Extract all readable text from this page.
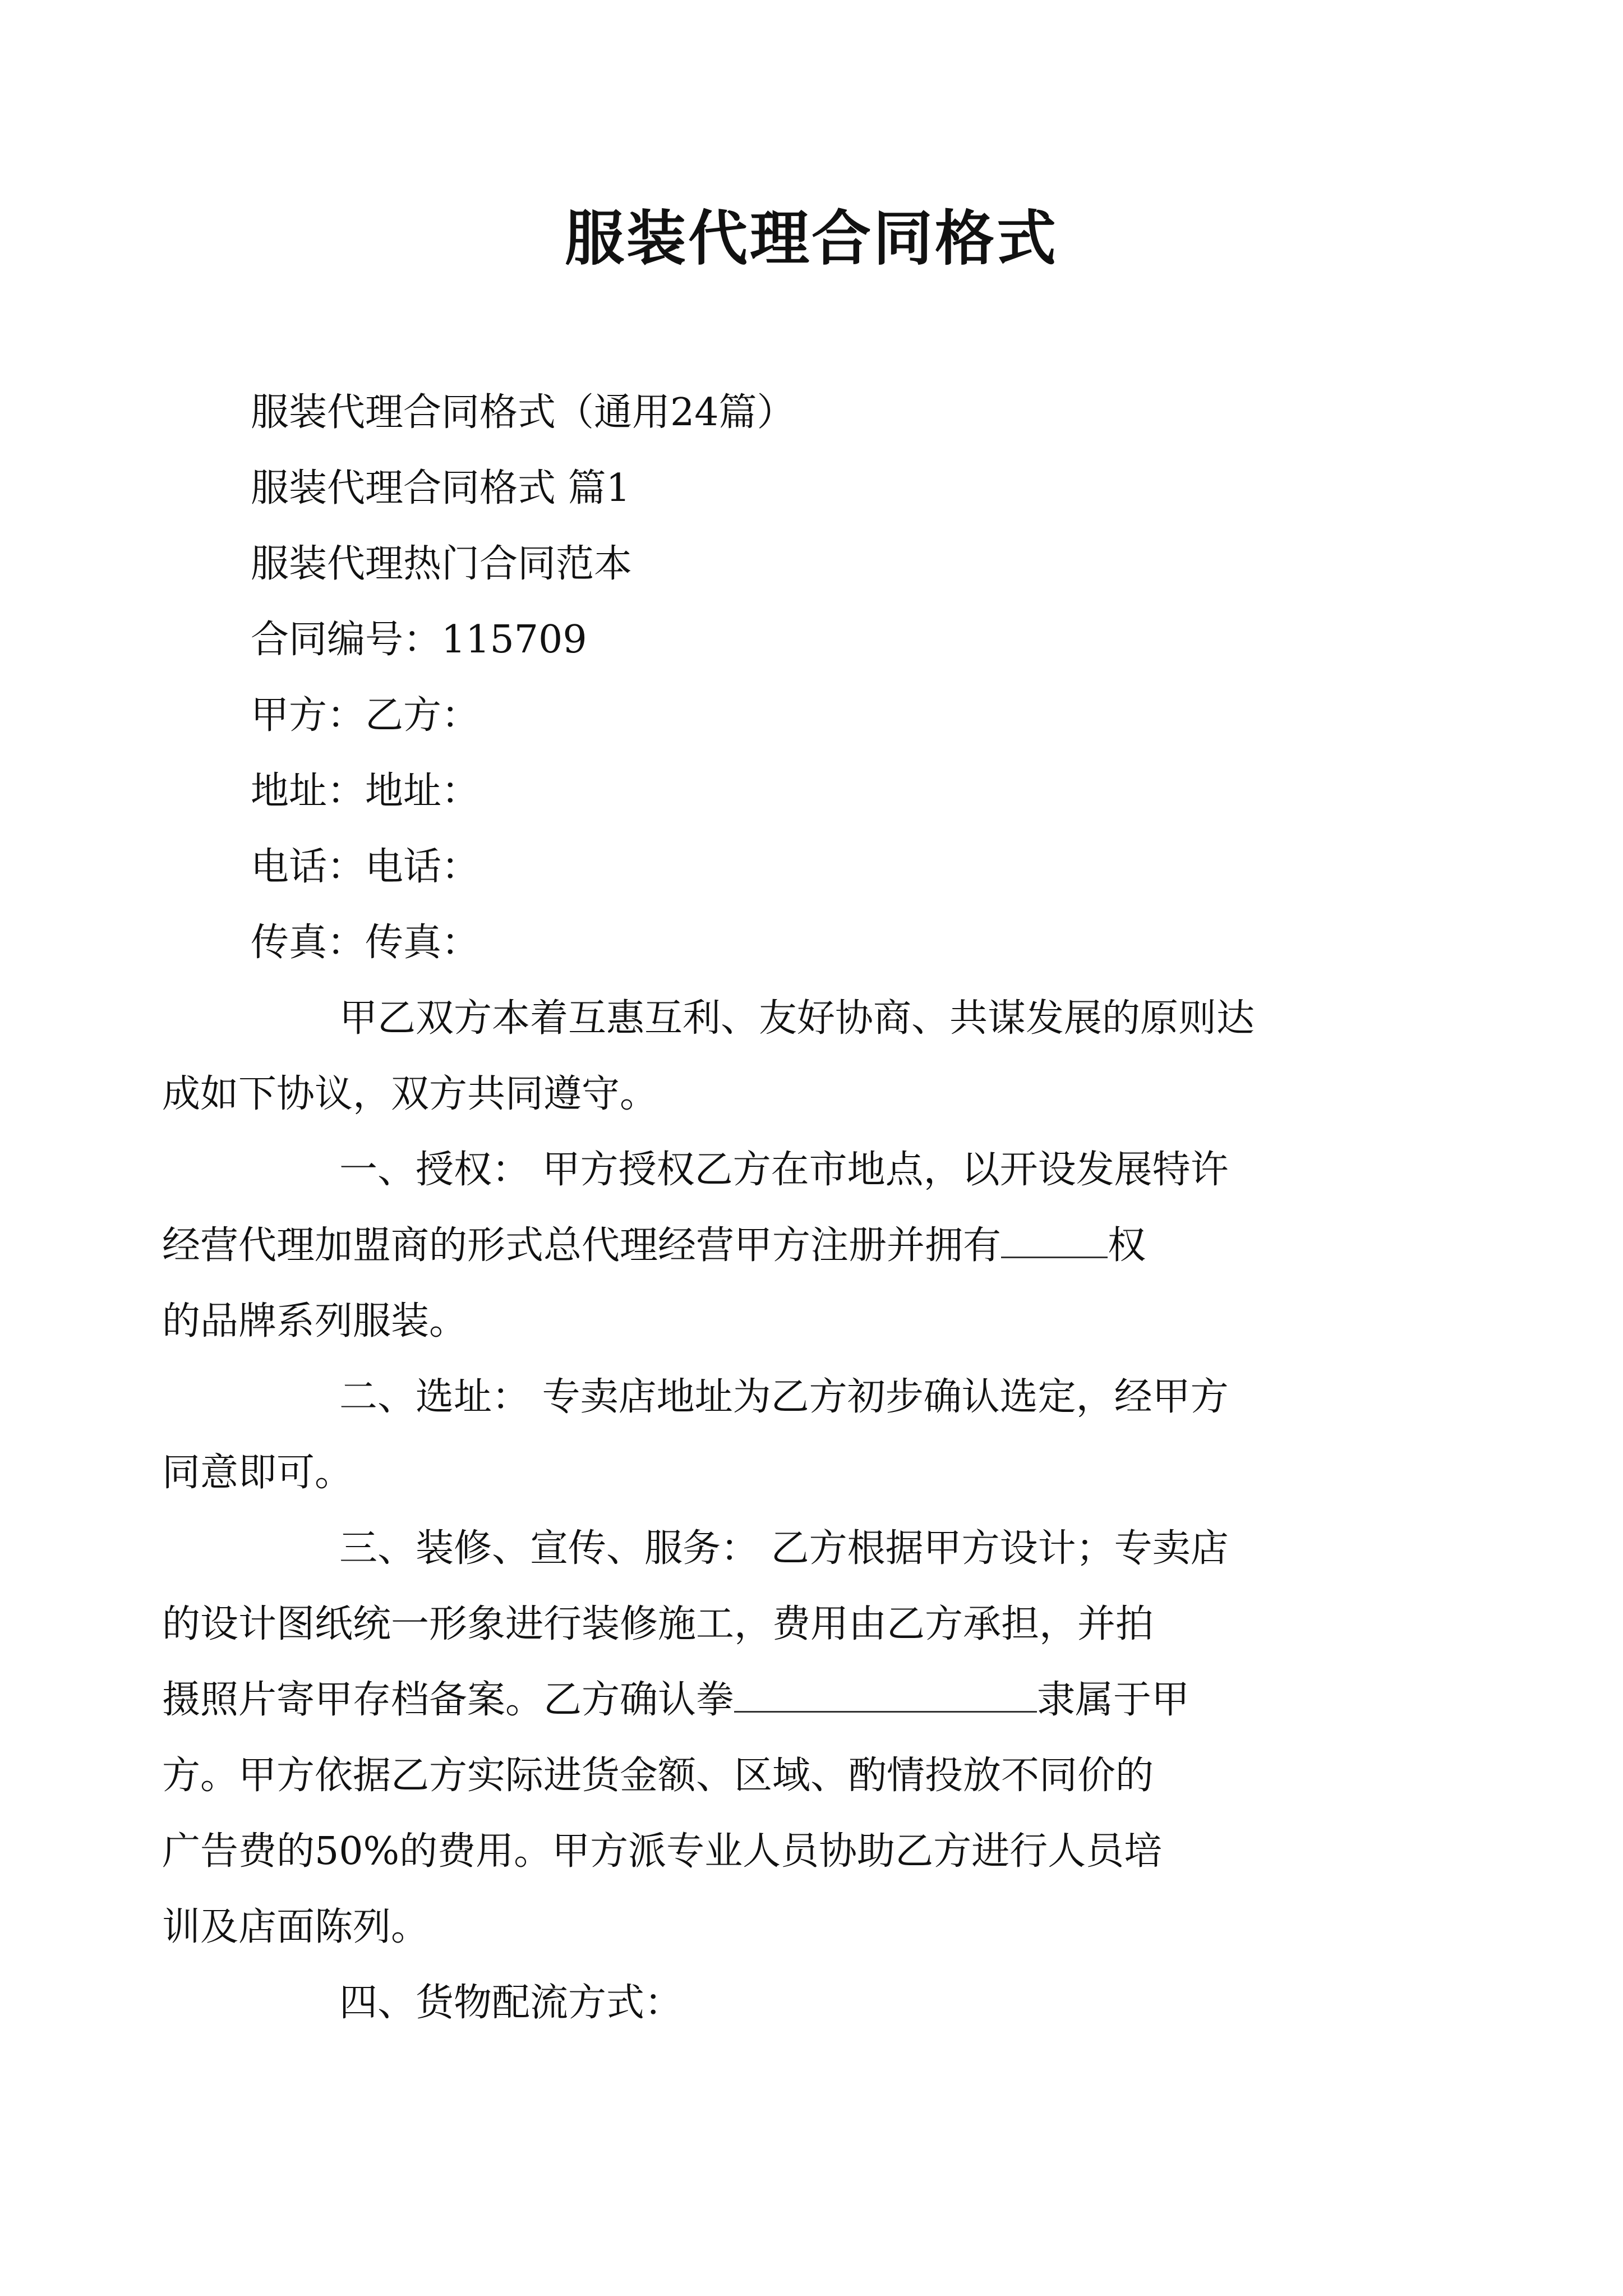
服装代理合同格式

服装代理合同格式（通用24篇）

服装代理合同格式 篇1

服装代理热门合同范本

合同编号：115709

甲方：乙方：

地址：地址：

电话：电话：

传真：传真：

甲乙双方本着互惠互利、友好协商、共谋发展的原则达

成如下协议，双方共同遵守。

一、授权： 甲方授权乙方在市地点，以开设发展特许

经营代理加盟商的形式总代理经营甲方注册并拥有	权

的品牌系列服装。

二、选址： 专卖店地址为乙方初步确认选定，经甲方

同意即可。

三、装修、宣传、服务： 乙方根据甲方设计；专卖店

的设计图纸统一形象进行装修施工，费用由乙方承担，并拍

摄照片寄甲存档备案。乙方确认拳	隶属于甲

方。甲方依据乙方实际进货金额、区域、酌情投放不同价的

广告费的50%的费用。甲方派专业人员协助乙方进行人员培

训及店面陈列。

四、货物配流方式：
